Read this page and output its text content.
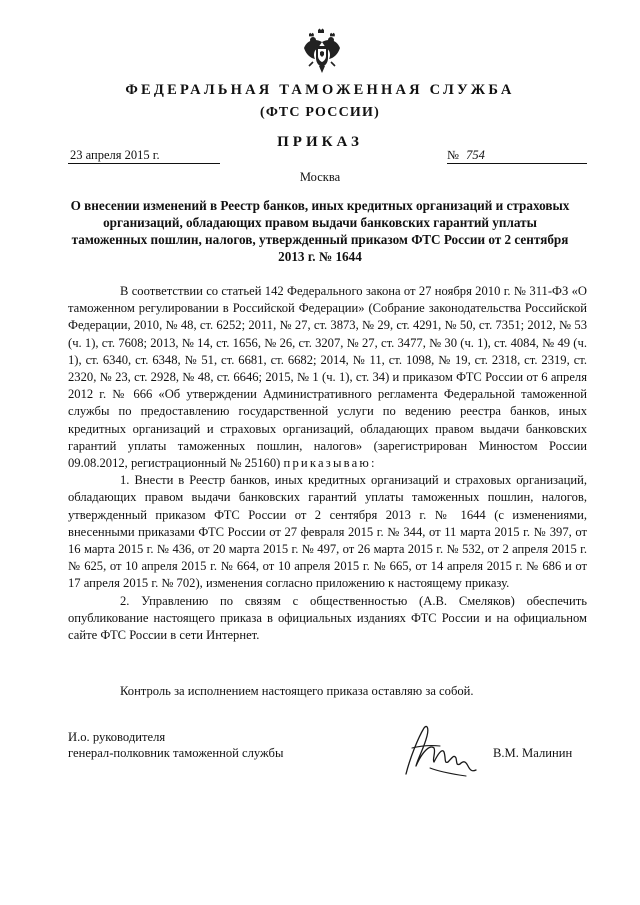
ФЕДЕРАЛЬНАЯ ТАМОЖЕННАЯ СЛУЖБА
(ФТС РОССИИ)
ПРИКАЗ
23 апреля 2015 г.	№ 754
Москва
О внесении изменений в Реестр банков, иных кредитных организаций и страховых организаций, обладающих правом выдачи банковских гарантий уплаты таможенных пошлин, налогов, утвержденный приказом ФТС России от 2 сентября 2013 г. № 1644

В соответствии со статьей 142 Федерального закона от 27 ноября 2010 г. № 311-ФЗ «О таможенном регулировании в Российской Федерации» (Собрание законодательства Российской Федерации, 2010, № 48, ст. 6252; 2011, № 27, ст. 3873, № 29, ст. 4291, № 50, ст. 7351; 2012, № 53 (ч. 1), ст. 7608; 2013, № 14, ст. 1656, № 26, ст. 3207, № 27, ст. 3477, № 30 (ч. 1), ст. 4084, № 49 (ч. 1), ст. 6340, ст. 6348, № 51, ст. 6681, ст. 6682; 2014, № 11, ст. 1098, № 19, ст. 2318, ст. 2319, ст. 2320, № 23, ст. 2928, № 48, ст. 6646; 2015, № 1 (ч. 1), ст. 34) и приказом ФТС России от 6 апреля 2012 г. № 666 «Об утверждении Административного регламента Федеральной таможенной службы по предоставлению государственной услуги по ведению реестра банков, иных кредитных организаций и страховых организаций, обладающих правом выдачи банковских гарантий уплаты таможенных пошлин, налогов» (зарегистрирован Минюстом России 09.08.2012, регистрационный № 25160) приказываю:

1. Внести в Реестр банков, иных кредитных организаций и страховых организаций, обладающих правом выдачи банковских гарантий уплаты таможенных пошлин, налогов, утвержденный приказом ФТС России от 2 сентября 2013 г. № 1644 (с изменениями, внесенными приказами ФТС России от 27 февраля 2015 г. № 344, от 11 марта 2015 г. № 397, от 16 марта 2015 г. № 436, от 20 марта 2015 г. № 497, от 26 марта 2015 г. № 532, от 2 апреля 2015 г. № 625, от 10 апреля 2015 г. № 664, от 10 апреля 2015 г. № 665, от 14 апреля 2015 г. № 686 и от 17 апреля 2015 г. № 702), изменения согласно приложению к настоящему приказу.

2. Управлению по связям с общественностью (А.В. Смеляков) обеспечить опубликование настоящего приказа в официальных изданиях ФТС России и на официальном сайте ФТС России в сети Интернет.

Контроль за исполнением настоящего приказа оставляю за собой.
И.о. руководителя
генерал-полковник таможенной службы	В.М. Малинин
